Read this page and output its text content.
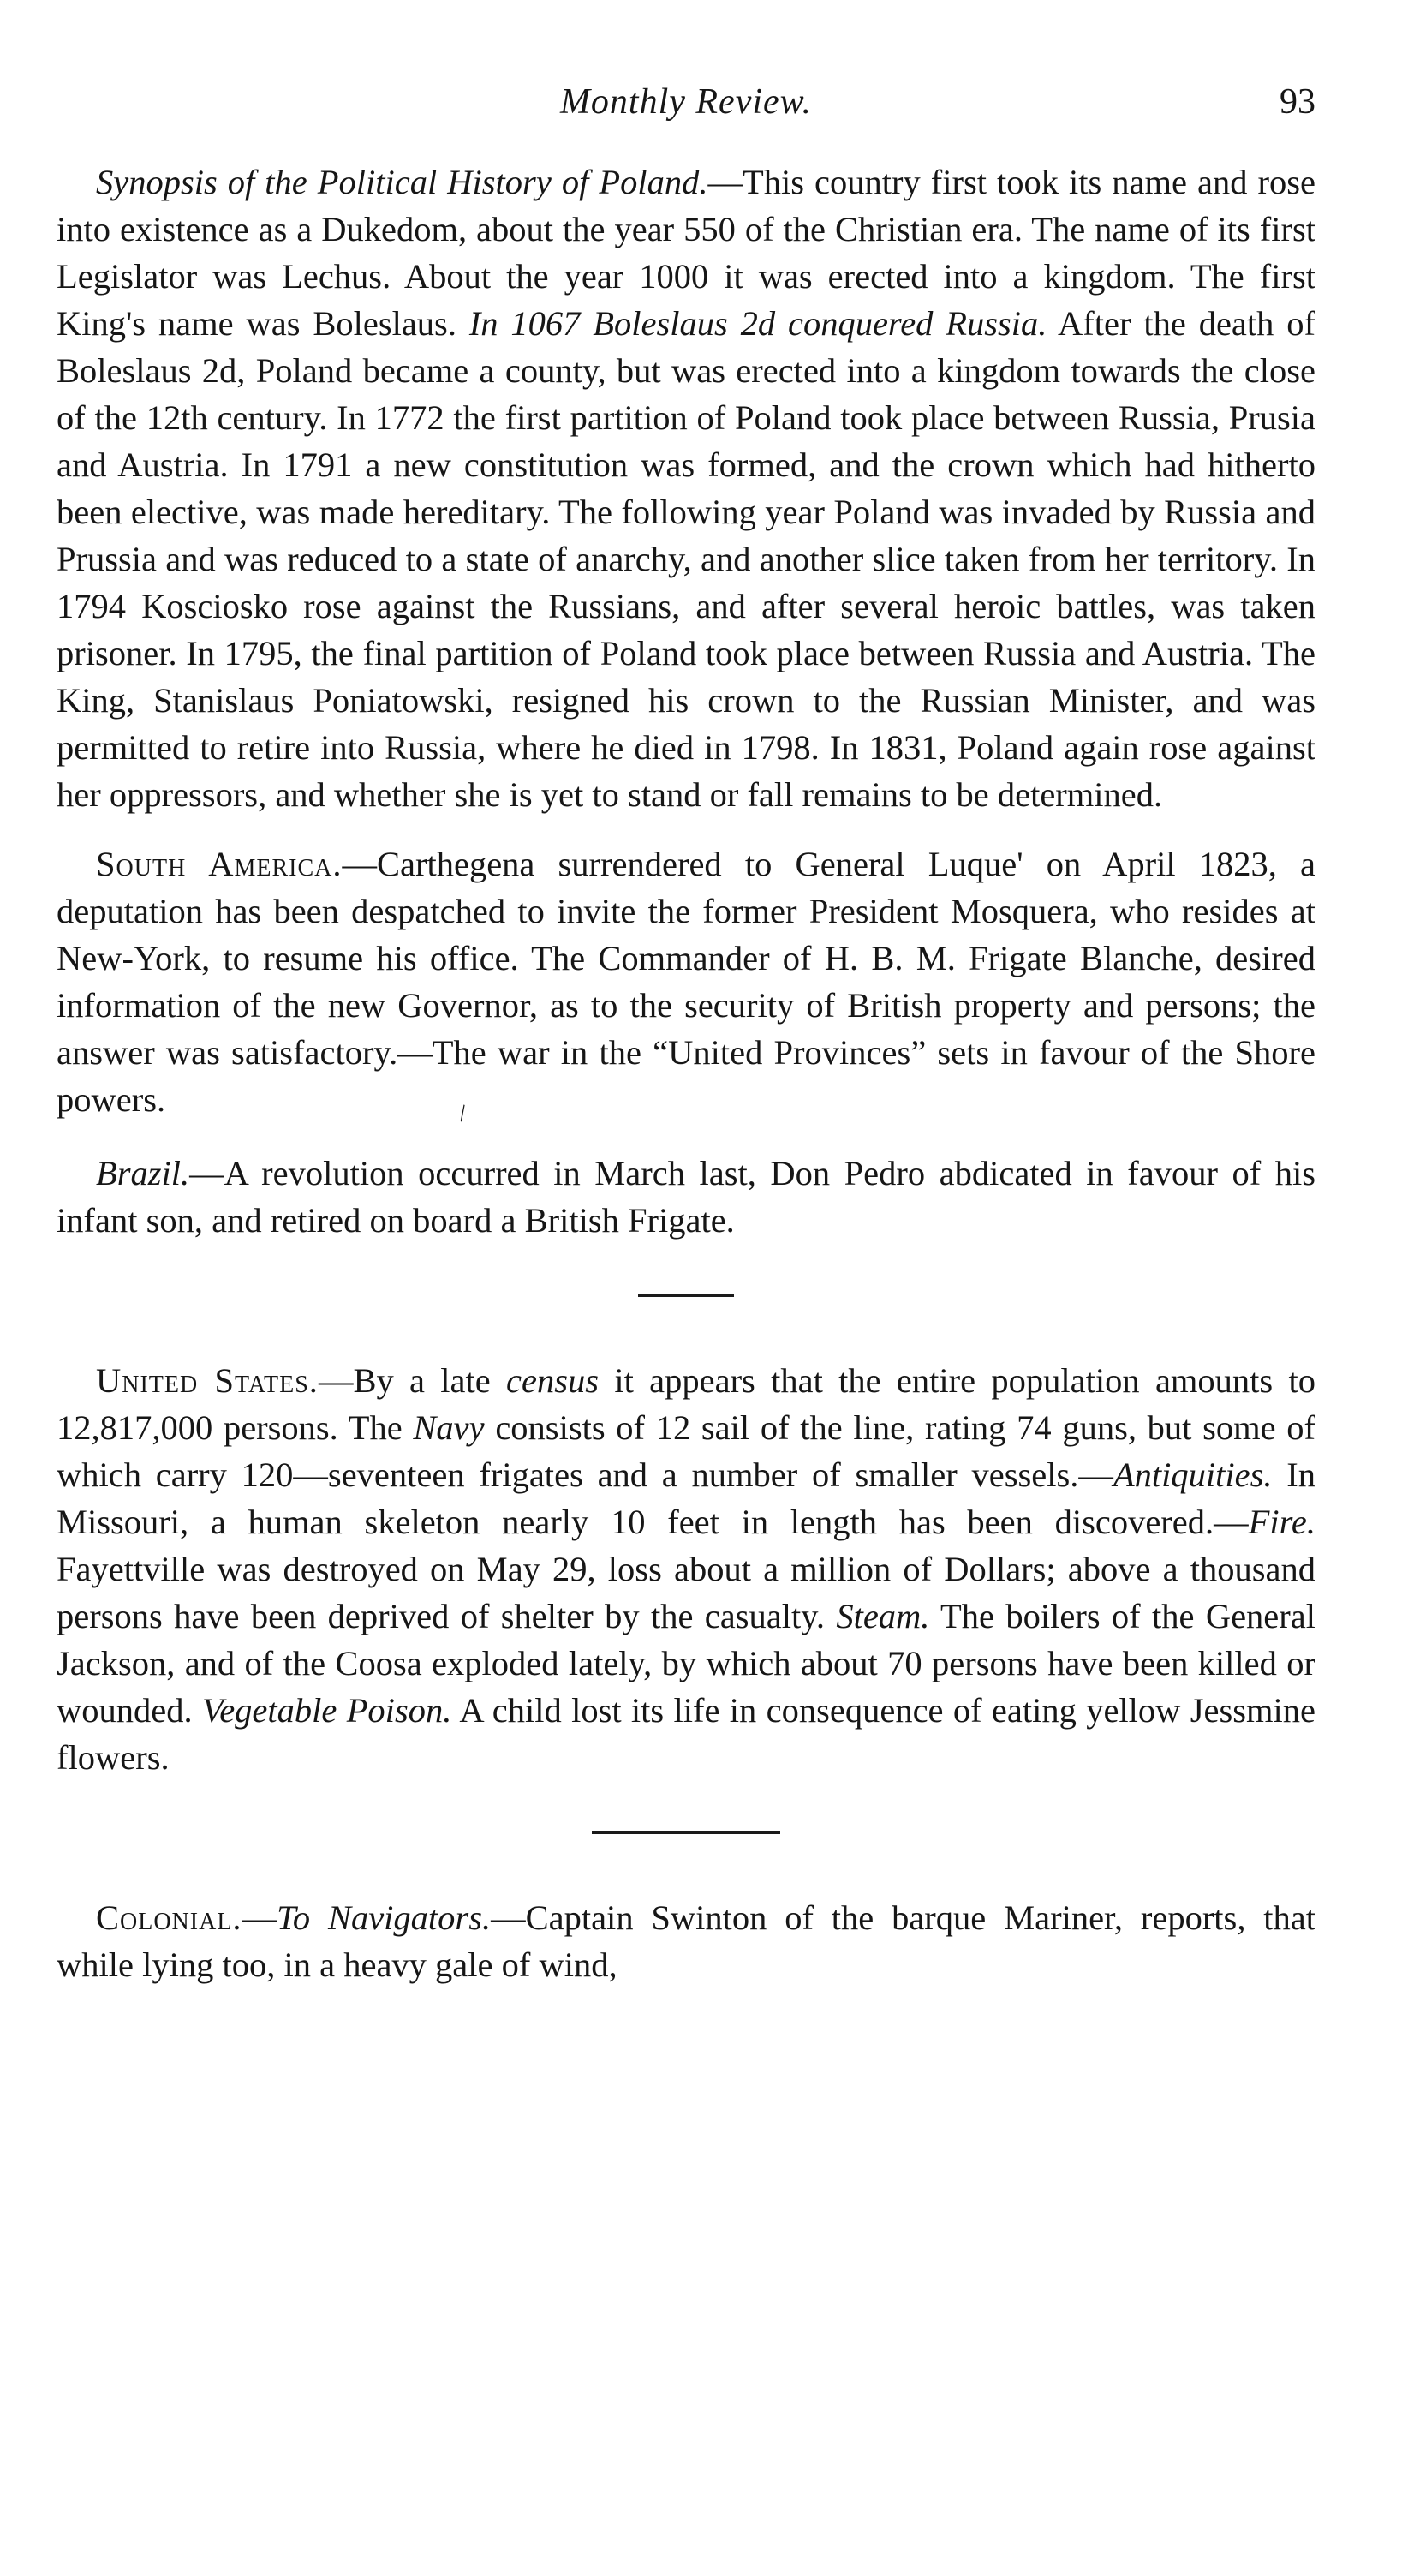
Monthly Review.	93

Synopsis of the Political History of Poland.—This country first took its name and rose into existence as a Dukedom, about the year 550 of the Christian era. The name of its first Legislator was Lechus. About the year 1000 it was erected into a kingdom. The first King's name was Boleslaus. In 1067 Boleslaus 2d conquered Russia. After the death of Boleslaus 2d, Poland became a county, but was erected into a kingdom towards the close of the 12th century. In 1772 the first partition of Poland took place between Russia, Prusia and Austria. In 1791 a new constitution was formed, and the crown which had hitherto been elective, was made hereditary. The following year Poland was invaded by Russia and Prussia and was reduced to a state of anarchy, and another slice taken from her territory. In 1794 Kosciosko rose against the Russians, and after several heroic battles, was taken prisoner. In 1795, the final partition of Poland took place between Russia and Austria. The King, Stanislaus Poniatowski, resigned his crown to the Russian Minister, and was permitted to retire into Russia, where he died in 1798. In 1831, Poland again rose against her oppressors, and whether she is yet to stand or fall remains to be determined.

South America.—Carthegena surrendered to General Luque' on April 1823, a deputation has been despatched to invite the former President Mosquera, who resides at New-York, to resume his office. The Commander of H. B. M. Frigate Blanche, desired information of the new Governor, as to the security of British property and persons; the answer was satisfactory.—The war in the “United Provinces” sets in favour of the Shore powers.	\

Brazil.—A revolution occurred in March last, Don Pedro abdicated in favour of his infant son, and retired on board a British Frigate.

United States.—By a late census it appears that the entire population amounts to 12,817,000 persons. The Navy consists of 12 sail of the line, rating 74 guns, but some of which carry 120—seventeen frigates and a number of smaller vessels.—Antiquities. In Missouri, a human skeleton nearly 10 feet in length has been discovered.—Fire. Fayettville was destroyed on May 29, loss about a million of Dollars; above a thousand persons have been deprived of shelter by the casualty. Steam. The boilers of the General Jackson, and of the Coosa exploded lately, by which about 70 persons have been killed or wounded. Vegetable Poison. A child lost its life in consequence of eating yellow Jessmine flowers.

Colonial.—To Navigators.—Captain Swinton of the barque Mariner, reports, that while lying too, in a heavy gale of wind,
